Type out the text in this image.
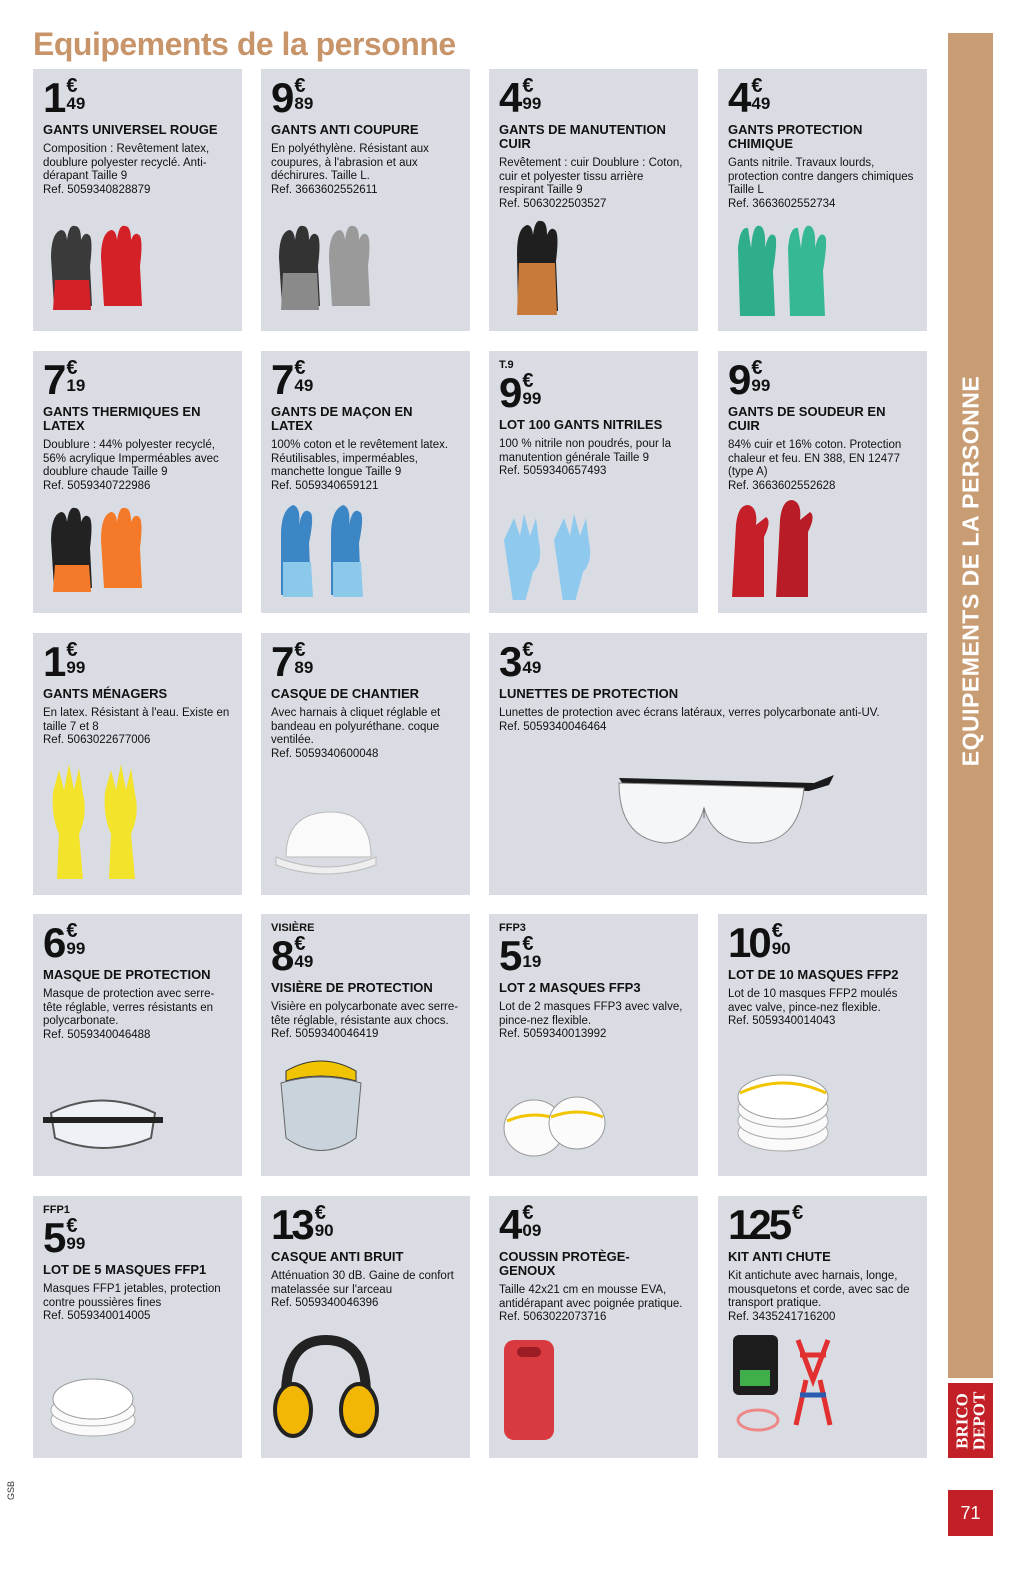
Equipements de la personne
EQUIPEMENTS DE LA PERSONNE
BRICO
DEPOT
71
GSB
1 €
49
GANTS UNIVERSEL ROUGE
Composition : Revêtement latex, doublure polyester recyclé. Anti-dérapant Taille 9
Ref. 5059340828879
9 €
89
GANTS ANTI COUPURE
En polyéthylène. Résistant aux coupures, à l'abrasion et aux déchirures. Taille L.
Ref. 3663602552611
4 €
99
GANTS DE MANUTENTION CUIR
Revêtement : cuir Doublure : Coton, cuir et polyester tissu arrière respirant Taille 9
Ref. 5063022503527
4 €
49
GANTS PROTECTION CHIMIQUE
Gants nitrile. Travaux lourds, protection contre dangers chimiques Taille L
Ref. 3663602552734
7 €
19
GANTS THERMIQUES EN LATEX
Doublure : 44% polyester recyclé, 56% acrylique Imperméables avec doublure chaude Taille 9
Ref. 5059340722986
7 €
49
GANTS DE MAÇON EN LATEX
100% coton et le revêtement latex. Réutilisables, imperméables, manchette longue Taille 9
Ref. 5059340659121
T.9
9 €
99
LOT 100 GANTS NITRILES
100 % nitrile non poudrés, pour la manutention générale Taille 9
Ref. 5059340657493
9 €
99
GANTS DE SOUDEUR EN CUIR
84% cuir et 16% coton. Protection chaleur et feu. EN 388, EN 12477 (type A)
Ref. 3663602552628
1 €
99
GANTS MÉNAGERS
En latex. Résistant à l'eau. Existe en taille 7 et 8
Ref. 5063022677006
7 €
89
CASQUE DE CHANTIER
Avec harnais à cliquet réglable et bandeau en polyuréthane. coque ventilée.
Ref. 5059340600048
3 €
49
LUNETTES DE PROTECTION
Lunettes de protection avec écrans latéraux, verres polycarbonate anti-UV.
Ref. 5059340046464
6 €
99
MASQUE DE PROTECTION
Masque de protection avec serre-tête réglable, verres résistants en polycarbonate.
Ref. 5059340046488
VISIÈRE
8 €
49
VISIÈRE DE PROTECTION
Visière en polycarbonate avec serre-tête réglable, résistante aux chocs.
Ref. 5059340046419
FFP3
5 €
19
LOT 2 MASQUES FFP3
Lot de 2 masques FFP3 avec valve, pince-nez flexible.
Ref. 5059340013992
10 €
90
LOT DE 10 MASQUES FFP2
Lot de 10 masques FFP2 moulés avec valve, pince-nez flexible.
Ref. 5059340014043
FFP1
5 €
99
LOT DE 5 MASQUES FFP1
Masques FFP1 jetables, protection contre poussières fines
Ref. 5059340014005
13 €
90
CASQUE ANTI BRUIT
Atténuation 30 dB. Gaine de confort matelassée sur l'arceau
Ref. 5059340046396
4 €
09
COUSSIN PROTÈGE-GENOUX
Taille 42x21 cm en mousse EVA, antidérapant avec poignée pratique.
Ref. 5063022073716
125 €
KIT ANTI CHUTE
Kit antichute avec harnais, longe, mousquetons et corde, avec sac de transport pratique.
Ref. 3435241716200
